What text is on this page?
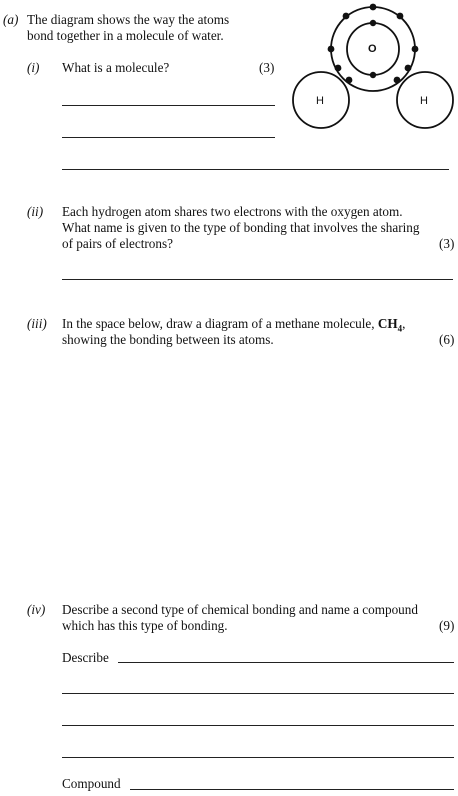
(a) The diagram shows the way the atoms
bond together in a molecule of water.
(i) What is a molecule?	(3)
O
H	H
(ii) Each hydrogen atom shares two electrons with the oxygen atom.
What name is given to the type of bonding that involves the sharing
of pairs of electrons?	(3)
(iii) In the space below, draw a diagram of a methane molecule, $CH_4$,
showing the bonding between its atoms.	(6)
(iv) Describe a second type of chemical bonding and name a compound
which has this type of bonding.	(9)
Describe
Compound
